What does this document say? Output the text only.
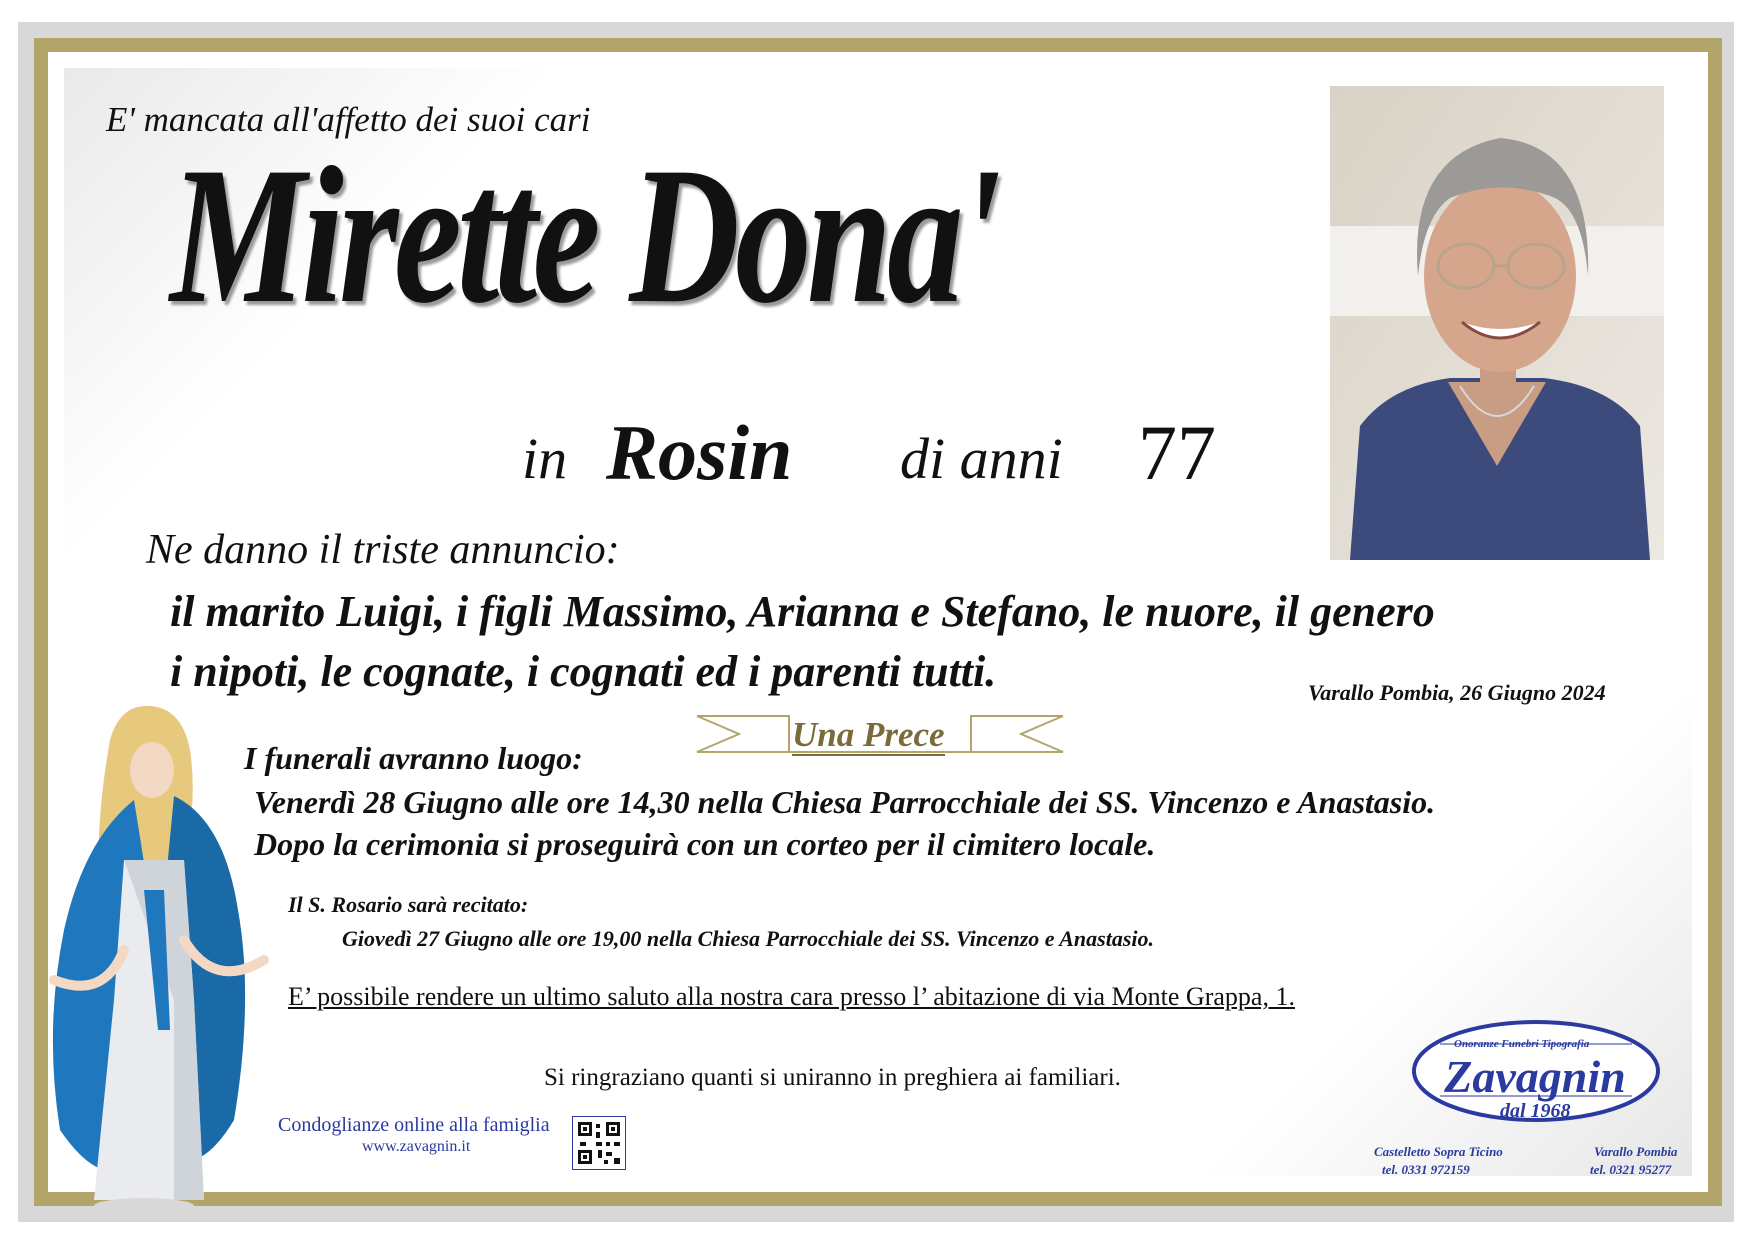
E' mancata all'affetto dei suoi cari
Mirette Dona'
in Rosin di anni 77
Ne danno il triste annuncio:
il marito Luigi, i figli Massimo, Arianna e Stefano, le nuore, il genero
i nipoti, le cognate, i cognati ed i parenti tutti.	Varallo Pombia, 26 Giugno 2024
Una Prece
I funerali avranno luogo:
Venerdì 28 Giugno alle ore 14,30 nella Chiesa Parrocchiale dei SS. Vincenzo e Anastasio.
Dopo la cerimonia si proseguirà con un corteo per il cimitero locale.
Il S. Rosario sarà recitato:
Giovedì 27 Giugno alle ore 19,00 nella Chiesa Parrocchiale dei SS. Vincenzo e Anastasio.
E’ possibile rendere un ultimo saluto alla nostra cara presso l’ abitazione di via Monte Grappa, 1.
Si ringraziano quanti si uniranno in preghiera ai familiari.
Condoglianze online alla famiglia
www.zavagnin.it
Onoranze Funebri Tipografia
Zavagnin
dal 1968
Castelletto Sopra Ticino
tel. 0331 972159
Varallo Pombia
tel. 0321 95277
